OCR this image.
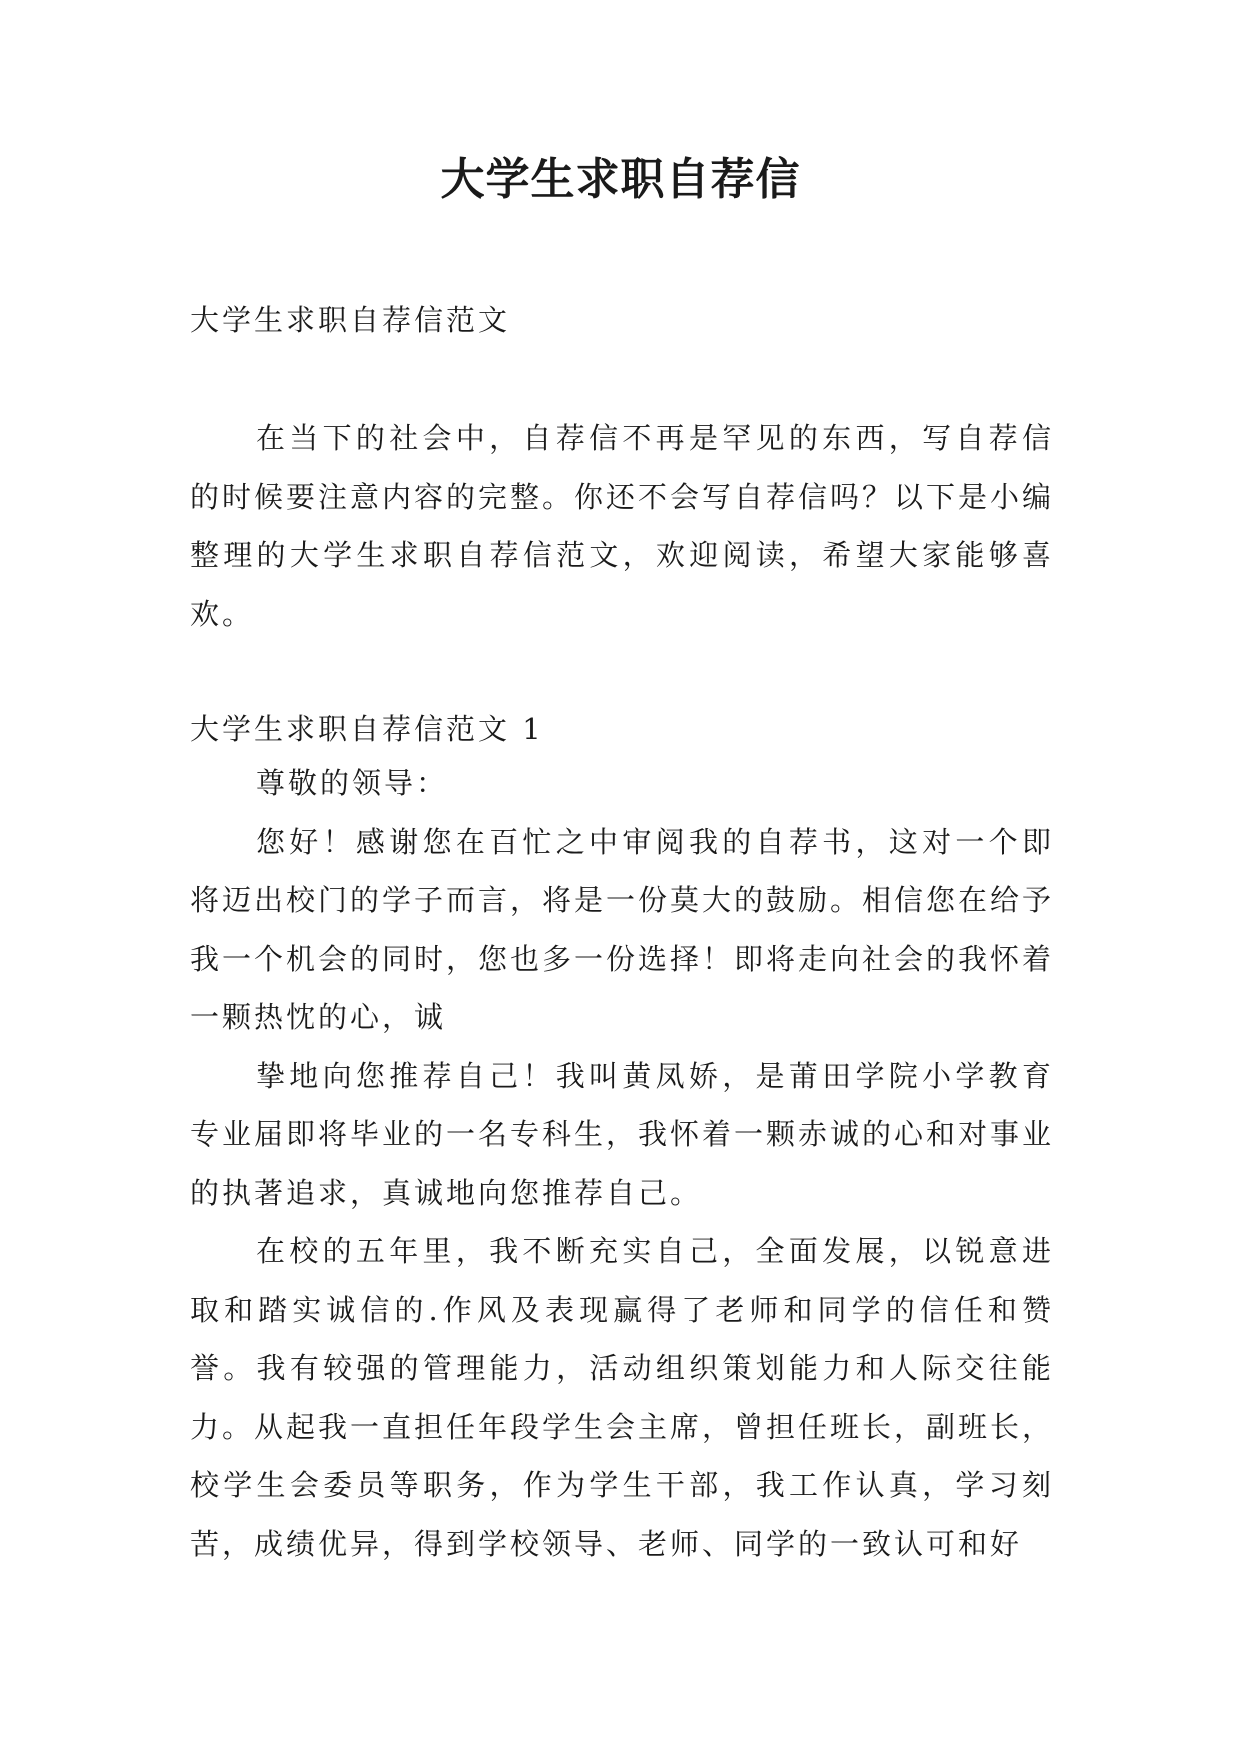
大学生求职自荐信
大学生求职自荐信范文
在当下的社会中，自荐信不再是罕见的东西，写自荐信的时候要注意内容的完整。你还不会写自荐信吗？以下是小编整理的大学生求职自荐信范文，欢迎阅读，希望大家能够喜欢。
大学生求职自荐信范文 1

尊敬的领导：

您好！感谢您在百忙之中审阅我的自荐书，这对一个即将迈出校门的学子而言，将是一份莫大的鼓励。相信您在给予我一个机会的同时，您也多一份选择！即将走向社会的我怀着一颗热忱的心，诚

挚地向您推荐自己！我叫黄凤娇，是莆田学院小学教育专业届即将毕业的一名专科生，我怀着一颗赤诚的心和对事业的执著追求，真诚地向您推荐自己。

在校的五年里，我不断充实自己，全面发展，以锐意进取和踏实诚信的.作风及表现赢得了老师和同学的信任和赞誉。我有较强的管理能力，活动组织策划能力和人际交往能力。从起我一直担任年段学生会主席，曾担任班长，副班长，校学生会委员等职务，作为学生干部，我工作认真，学习刻苦，成绩优异，得到学校领导、老师、同学的一致认可和好
